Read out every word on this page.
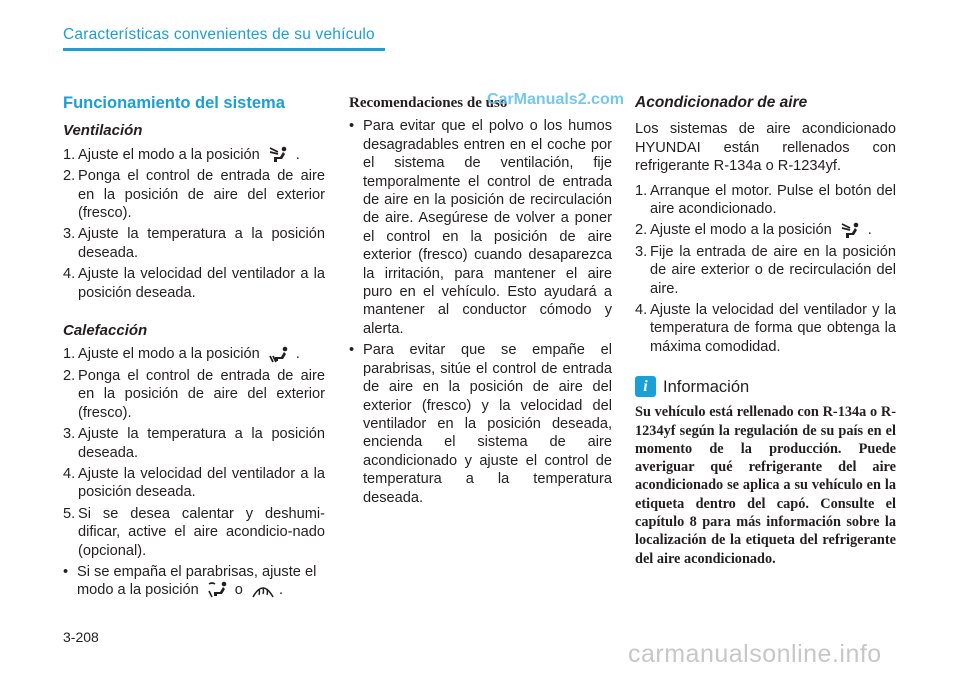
Características convenientes de su vehículo
Funcionamiento del sistema
Ventilación
1. Ajuste el modo a la posición .
2. Ponga el control de entrada de aire en la posición de aire del exterior (fresco).
3. Ajuste la temperatura a la posición deseada.
4. Ajuste la velocidad del ventilador a la posición deseada.
Calefacción
1. Ajuste el modo a la posición .
2. Ponga el control de entrada de aire en la posición de aire del exterior (fresco).
3. Ajuste la temperatura a la posición deseada.
4. Ajuste la velocidad del ventilador a la posición deseada.
5. Si se desea calentar y deshumi-dificar, active el aire acondicio-nado (opcional).
• Si se empaña el parabrisas, ajuste el modo a la posición o .
Recomendaciones de uso
• Para evitar que el polvo o los humos desagradables entren en el coche por el sistema de ventilación, fije temporalmente el control de entrada de aire en la posición de recirculación de aire. Asegúrese de volver a poner el control en la posición de aire exterior (fresco) cuando desaparezca la irritación, para mantener el aire puro en el vehículo. Esto ayudará a mantener al conductor cómodo y alerta.
• Para evitar que se empañe el parabrisas, sitúe el control de entrada de aire en la posición de aire del exterior (fresco) y la velocidad del ventilador en la posición deseada, encienda el sistema de aire acondicionado y ajuste el control de temperatura a la temperatura deseada.
CarManuals2.com Acondicionador de aire
Los sistemas de aire acondicionado HYUNDAI están rellenados con refrigerante R-134a o R-1234yf.
1. Arranque el motor. Pulse el botón del aire acondicionado.
2. Ajuste el modo a la posición .
3. Fije la entrada de aire en la posición de aire exterior o de recirculación del aire.
4. Ajuste la velocidad del ventilador y la temperatura de forma que obtenga la máxima comodidad.
i Información
Su vehículo está rellenado con R-134a o R-1234yf según la regulación de su país en el momento de la producción. Puede averiguar qué refrigerante del aire acondicionado se aplica a su vehículo en la etiqueta dentro del capó. Consulte el capítulo 8 para más información sobre la localización de la etiqueta del refrigerante del aire acondicionado.
3-208
carmanualsonline.info
